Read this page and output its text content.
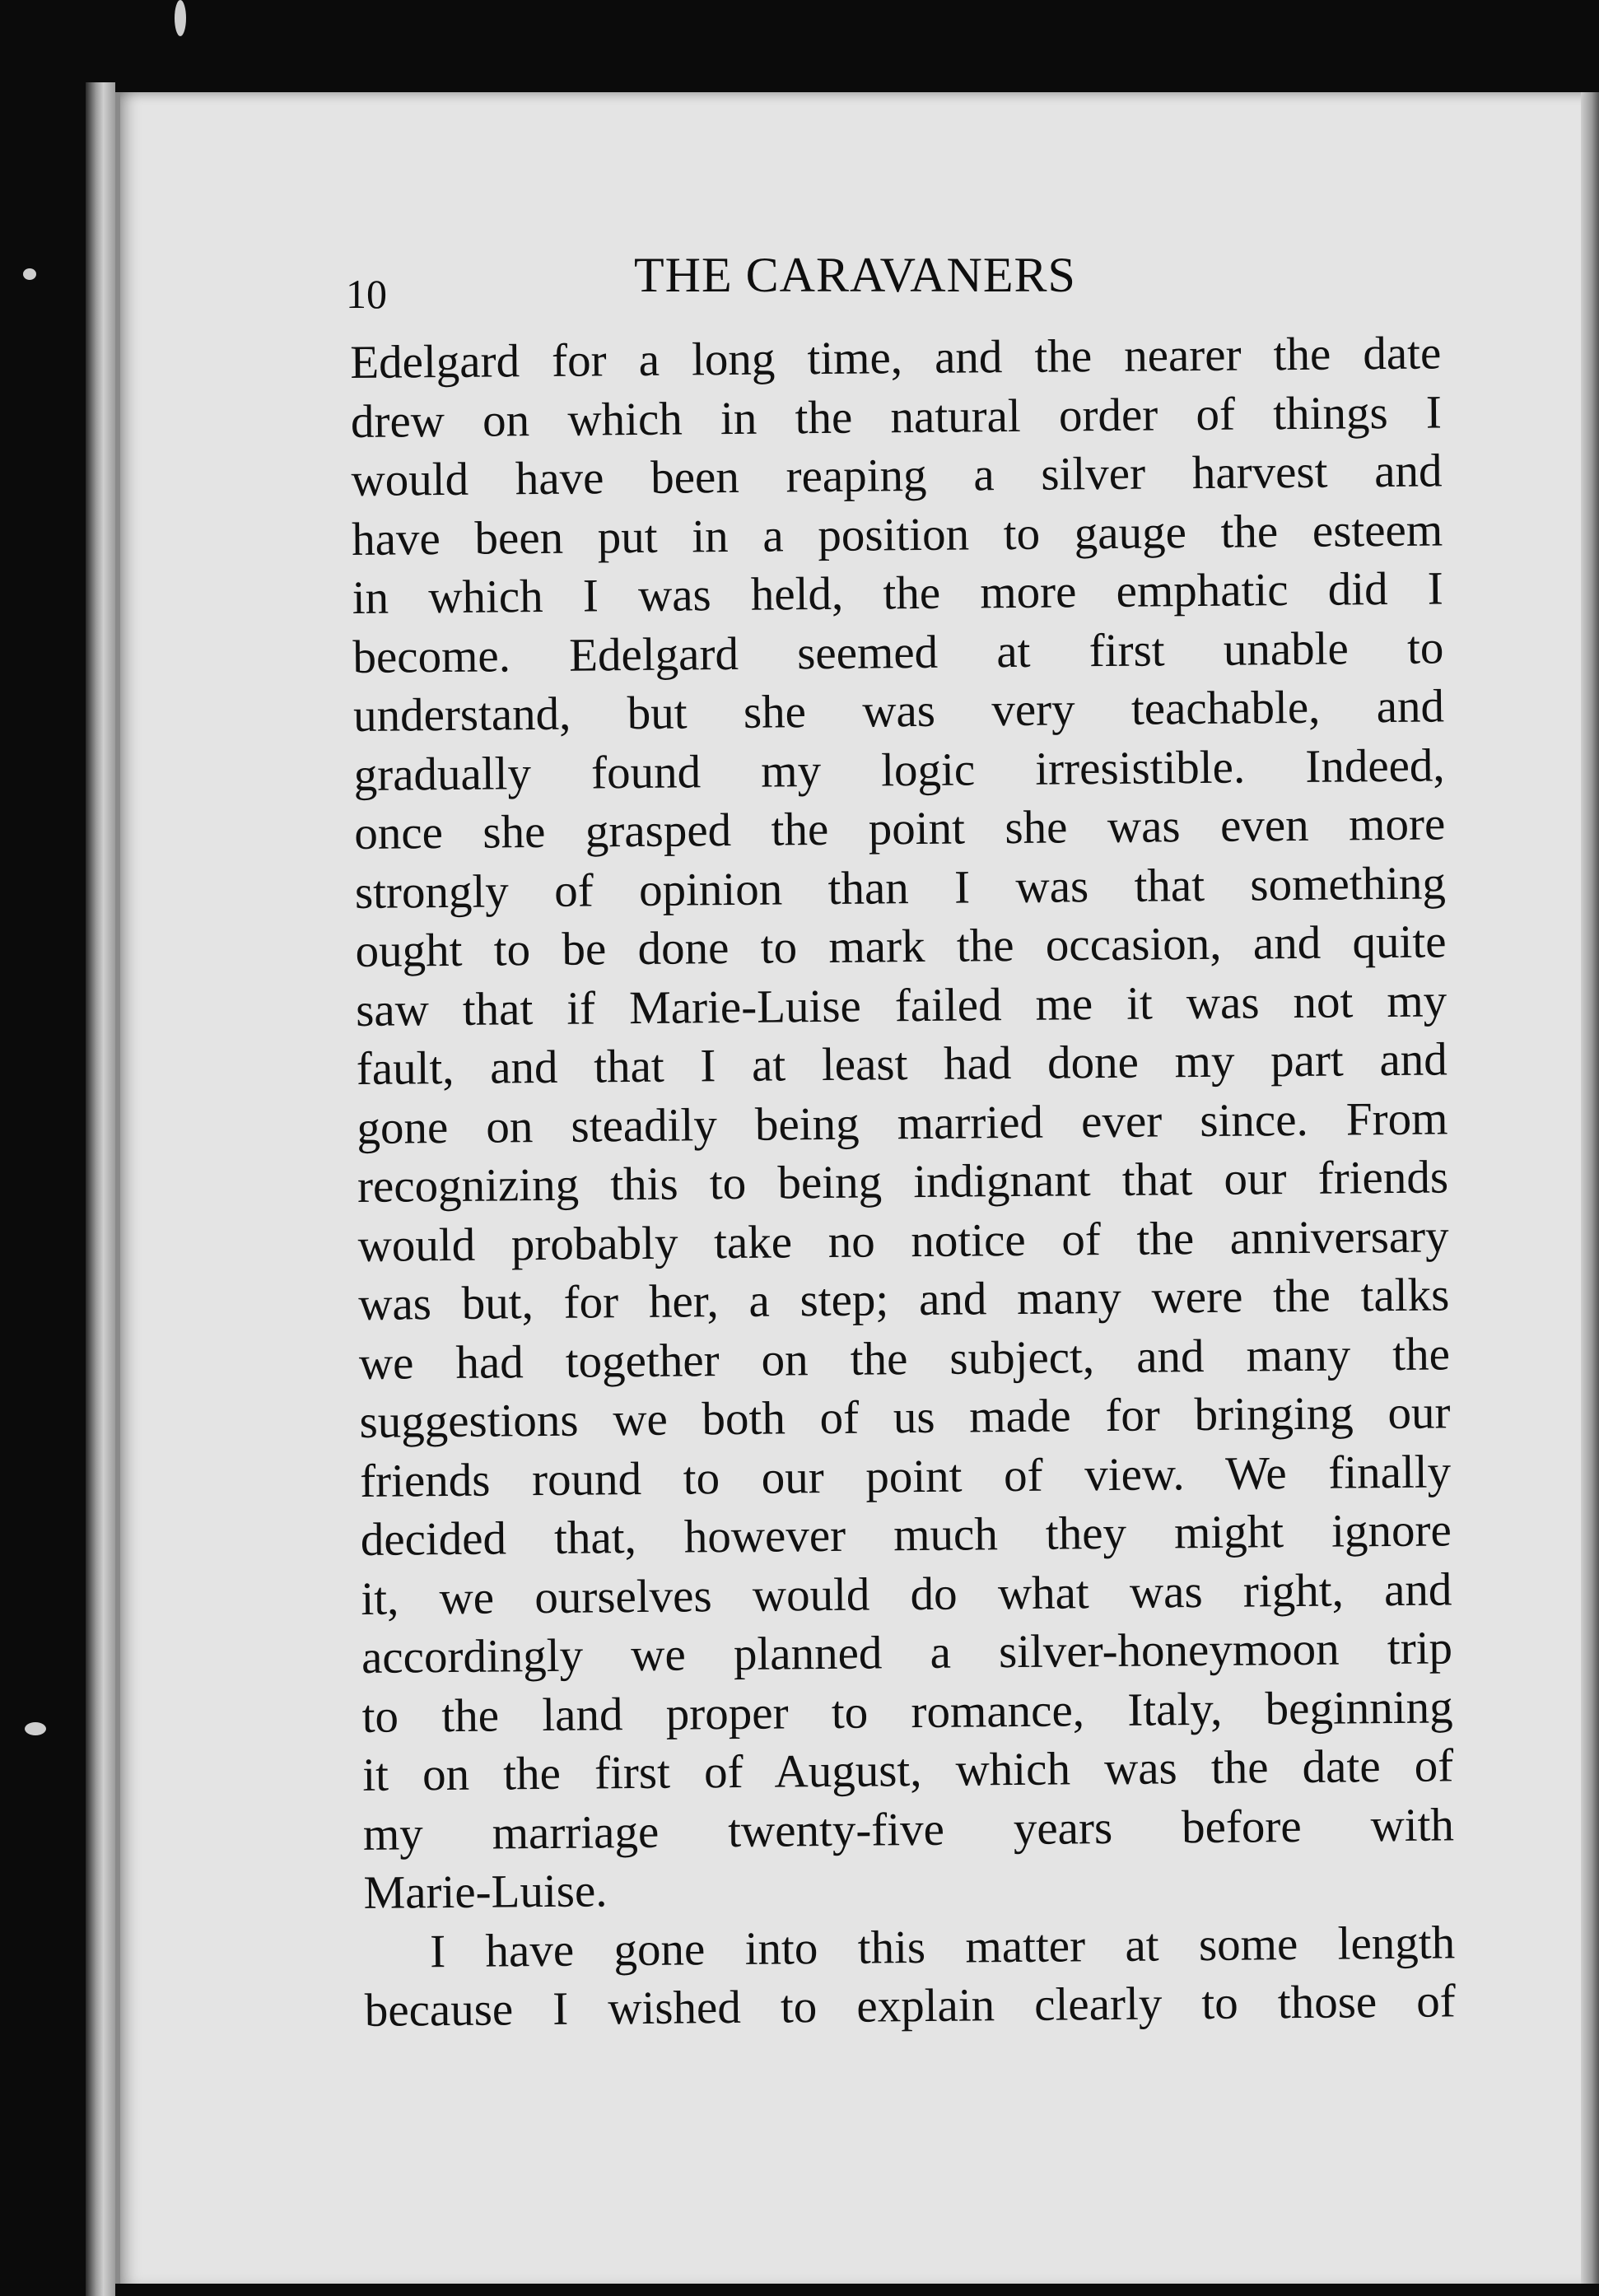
10	THE CARAVANERS
Edelgard for a long time, and the nearer the date
drew on which in the natural order of things I
would have been reaping a silver harvest and
have been put in a position to gauge the esteem
in which I was held, the more emphatic did I
become. Edelgard seemed at first unable to
understand, but she was very teachable, and
gradually found my logic irresistible. Indeed,
once she grasped the point she was even more
strongly of opinion than I was that something
ought to be done to mark the occasion, and quite
saw that if Marie-Luise failed me it was not my
fault, and that I at least had done my part and
gone on steadily being married ever since. From
recognizing this to being indignant that our friends
would probably take no notice of the anniversary
was but, for her, a step; and many were the talks
we had together on the subject, and many the
suggestions we both of us made for bringing our
friends round to our point of view. We finally
decided that, however much they might ignore
it, we ourselves would do what was right, and
accordingly we planned a silver-honeymoon trip
to the land proper to romance, Italy, beginning
it on the first of August, which was the date of
my marriage twenty-five years before with
Marie-Luise.
I have gone into this matter at some length
because I wished to explain clearly to those of
